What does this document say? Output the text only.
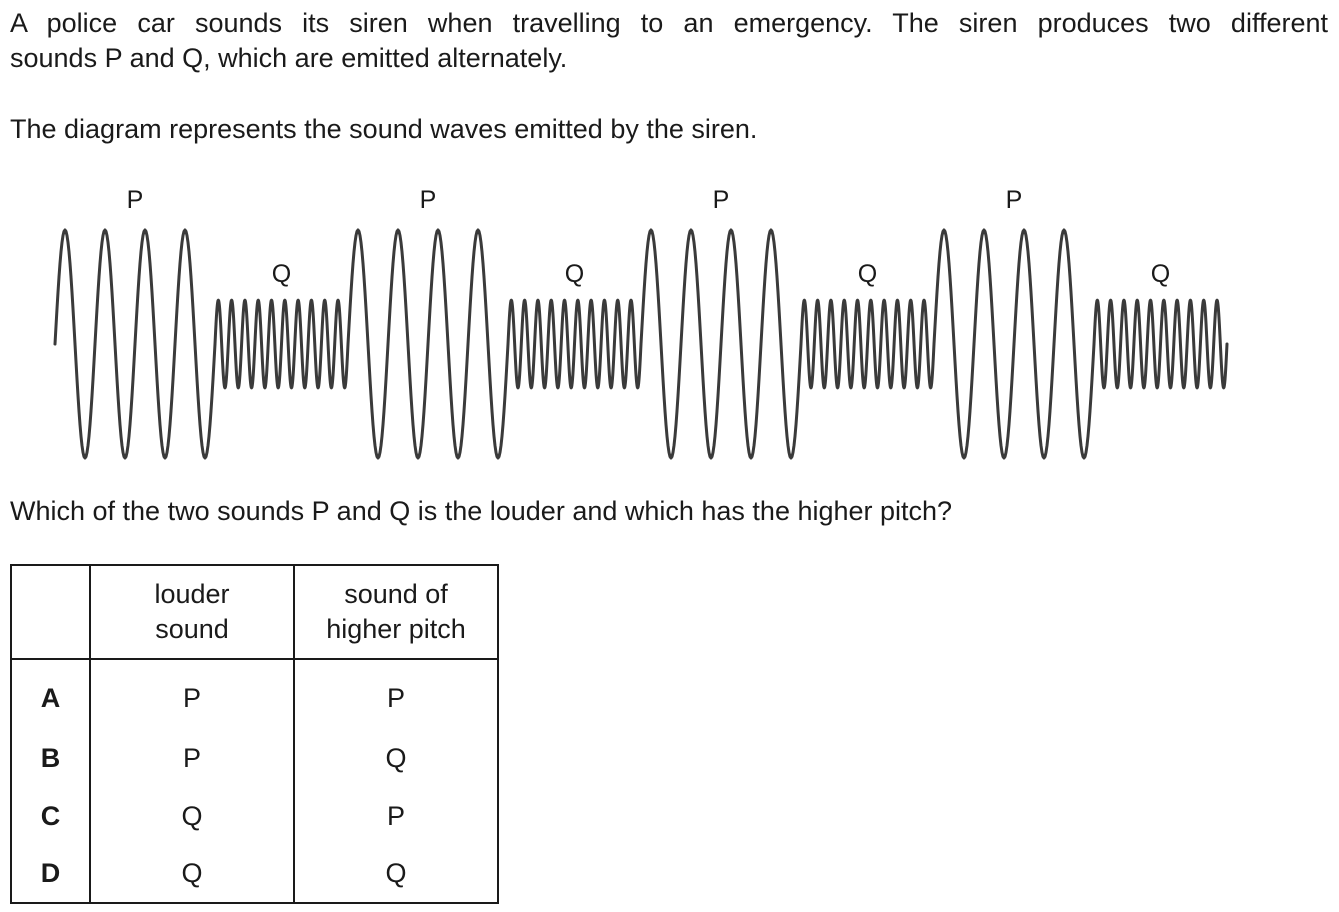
A police car sounds its siren when travelling to an emergency. The siren produces two different
sounds P and Q, which are emitted alternately.

The diagram represents the sound waves emitted by the siren.

P
Q
P
Q
P
Q
P
Q

Which of the two sounds P and Q is the louder and which has the higher pitch?

	louder
sound	sound of
higher pitch

A	P	P
B	P	Q
C	Q	P
D	Q	Q
